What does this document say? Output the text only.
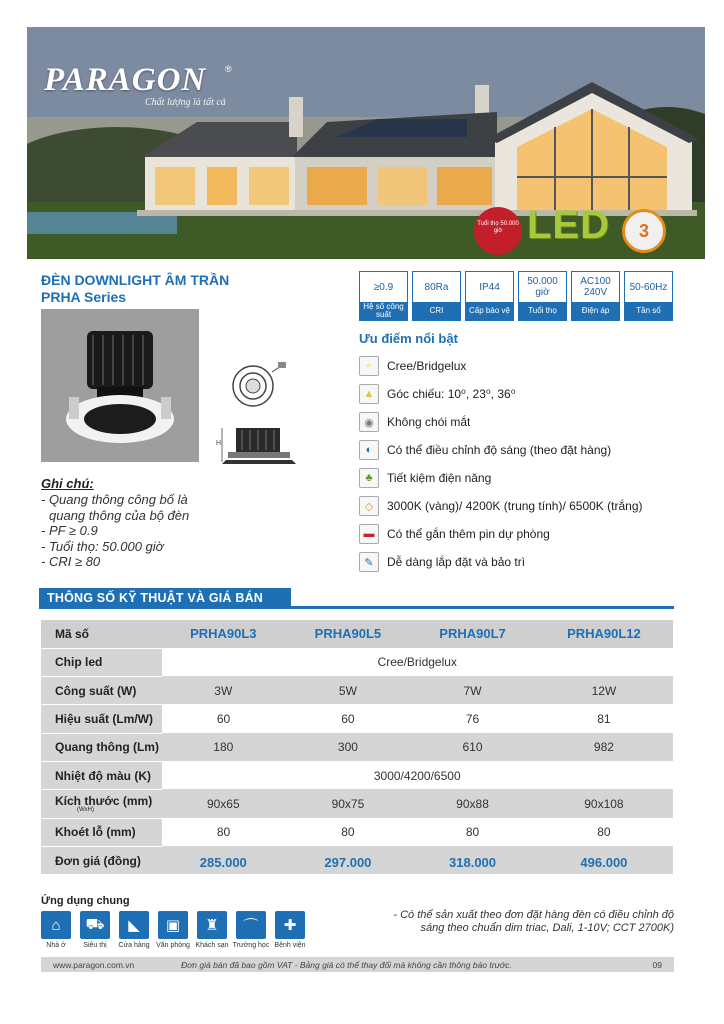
PARAGON ®
Chất lượng là tất cả
Tuổi thọ 50.000 giờ LED	3
ĐÈN DOWNLIGHT ÂM TRẦN
PRHA Series
≥0.9
Hệ số công suất
80Ra
CRI
IP44
Cấp bảo vệ
50.000 giờ
Tuổi thọ
AC100 240V
Điện áp
50-60Hz
Tần số
H
Ghi chú:
- Quang thông công bố là
quang thông của bộ đèn
- PF ≥ 0.9
- Tuổi thọ: 50.000 giờ
- CRI ≥ 80
Ưu điểm nổi bật
▫	Cree/Bridgelux
▲	Góc chiếu: 10⁰, 23⁰, 36⁰
◉	Không chói mắt
◐	Có thể điều chỉnh độ sáng (theo đặt hàng)
♣	Tiết kiệm điện năng
◇	3000K (vàng)/ 4200K (trung tính)/ 6500K (trắng)
▬	Có thể gắn thêm pin dự phòng
✎	Dễ dàng lắp đặt và bảo trì
THÔNG SỐ KỸ THUẬT VÀ GIÁ BÁN
Mã số	PRHA90L3	PRHA90L5	PRHA90L7	PRHA90L12
Chip led	Cree/Bridgelux			
Công suất (W)	3W	5W	7W	12W
Hiệu suất (Lm/W)	60	60	76	81
Quang thông (Lm)	180	300	610	982
Nhiệt độ màu (K)	3000/4200/6500			
Kích thước (mm)
(WxH)	90x65	90x75	90x88	90x108
Khoét lỗ (mm)	80	80	80	80
Đơn giá (đồng)	285.000	297.000	318.000	496.000
Ứng dụng chung
⌂
Nhà ở
⛟
Siêu thị
◣
Cửa hàng
▣
Văn phòng
♜
Khách sạn
⌒
Trường học
✚
Bệnh viện
- Có thể sản xuất theo đơn đặt hàng đèn có điều chỉnh độ sáng theo chuẩn dim triac, Dali, 1-10V; CCT 2700K)
www.paragon.com.vn	Đơn giá bán đã bao gồm VAT - Bảng giá có thể thay đổi mà không cần thông báo trước.	09
